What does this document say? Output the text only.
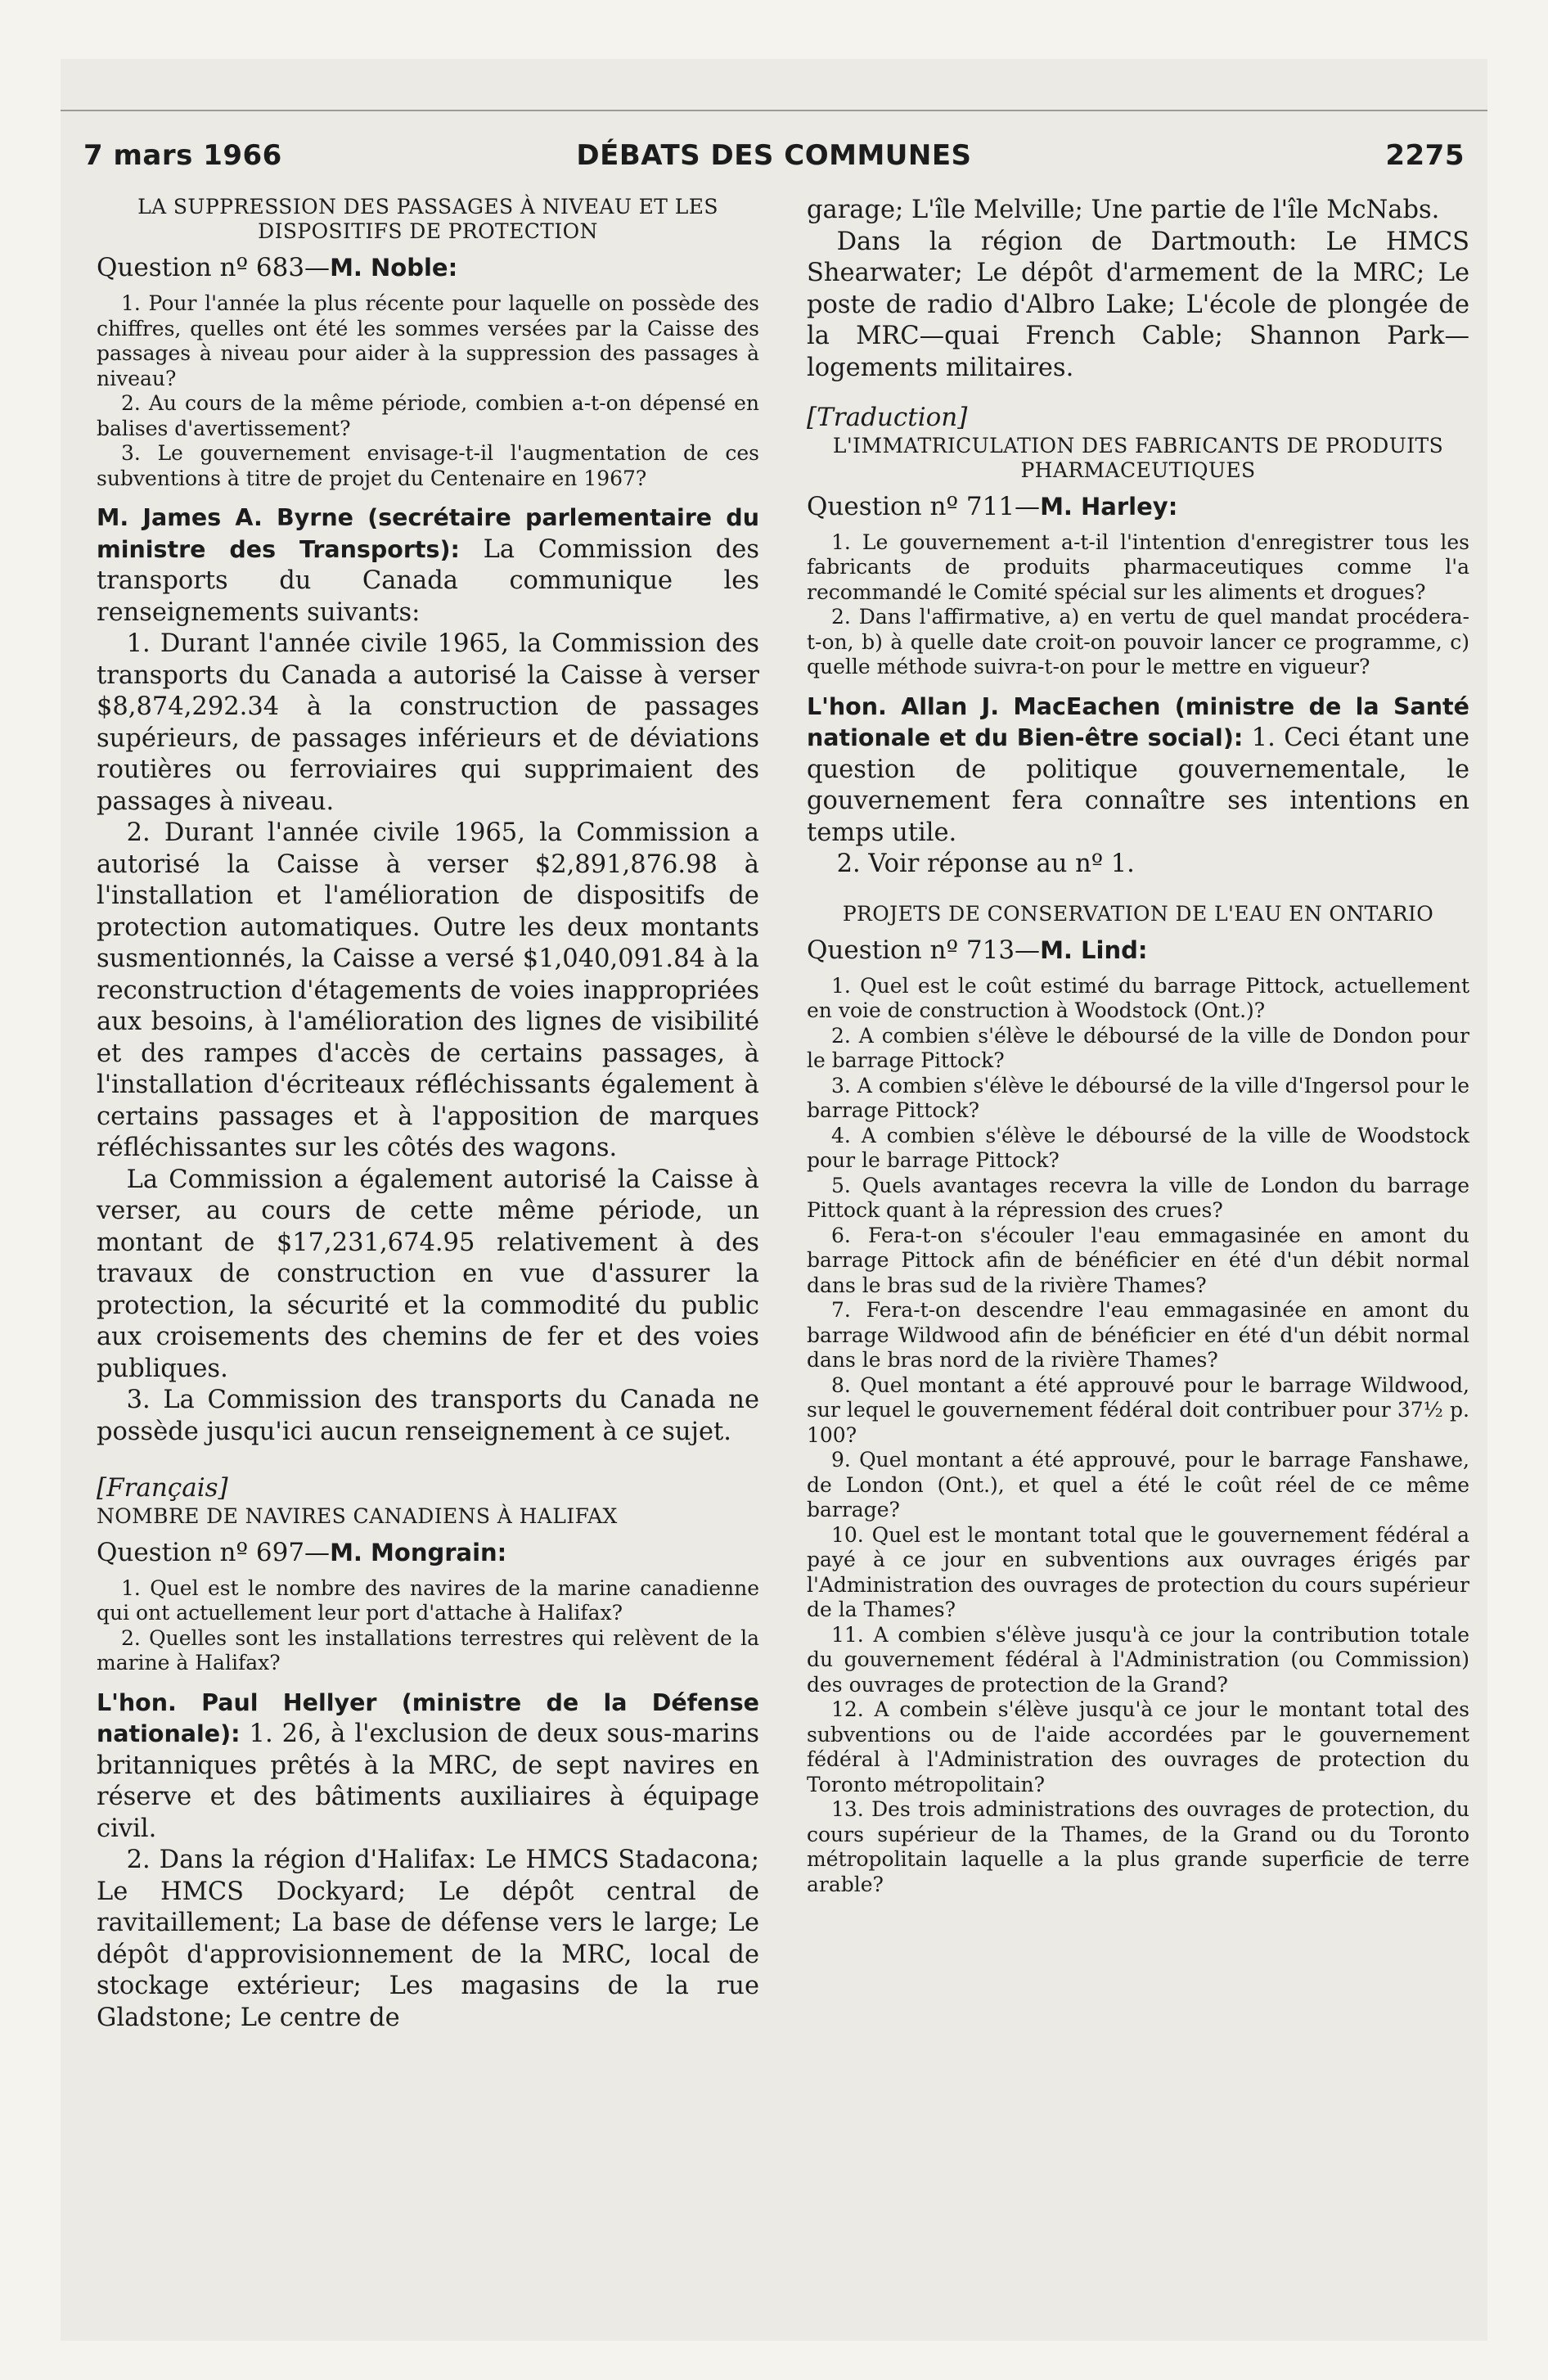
7 mars 1966	DÉBATS DES COMMUNES	2275

LA SUPPRESSION DES PASSAGES À NIVEAU ET LES DISPOSITIFS DE PROTECTION

Question nº 683—M. Noble:

1. Pour l'année la plus récente pour laquelle on possède des chiffres, quelles ont été les sommes versées par la Caisse des passages à niveau pour aider à la suppression des passages à niveau?

2. Au cours de la même période, combien a-t-on dépensé en balises d'avertissement?

3. Le gouvernement envisage-t-il l'augmentation de ces subventions à titre de projet du Centenaire en 1967?

M. James A. Byrne (secrétaire parlementaire du ministre des Transports): La Commission des transports du Canada communique les renseignements suivants:

1. Durant l'année civile 1965, la Commission des transports du Canada a autorisé la Caisse à verser $8,874,292.34 à la construction de passages supérieurs, de passages inférieurs et de déviations routières ou ferroviaires qui supprimaient des passages à niveau.

2. Durant l'année civile 1965, la Commission a autorisé la Caisse à verser $2,891,876.98 à l'installation et l'amélioration de dispositifs de protection automatiques. Outre les deux montants susmentionnés, la Caisse a versé $1,040,091.84 à la reconstruction d'étagements de voies inappropriées aux besoins, à l'amélioration des lignes de visibilité et des rampes d'accès de certains passages, à l'installation d'écriteaux réfléchissants également à certains passages et à l'apposition de marques réfléchissantes sur les côtés des wagons.

La Commission a également autorisé la Caisse à verser, au cours de cette même période, un montant de $17,231,674.95 relativement à des travaux de construction en vue d'assurer la protection, la sécurité et la commodité du public aux croisements des chemins de fer et des voies publiques.

3. La Commission des transports du Canada ne possède jusqu'ici aucun renseignement à ce sujet.

[Français]

NOMBRE DE NAVIRES CANADIENS À HALIFAX

Question nº 697—M. Mongrain:

1. Quel est le nombre des navires de la marine canadienne qui ont actuellement leur port d'attache à Halifax?

2. Quelles sont les installations terrestres qui relèvent de la marine à Halifax?

L'hon. Paul Hellyer (ministre de la Défense nationale): 1. 26, à l'exclusion de deux sous-marins britanniques prêtés à la MRC, de sept navires en réserve et des bâtiments auxiliaires à équipage civil.

2. Dans la région d'Halifax: Le HMCS Stadacona; Le HMCS Dockyard; Le dépôt central de ravitaillement; La base de défense vers le large; Le dépôt d'approvisionnement de la MRC, local de stockage extérieur; Les magasins de la rue Gladstone; Le centre de

garage; L'île Melville; Une partie de l'île McNabs.

Dans la région de Dartmouth: Le HMCS Shearwater; Le dépôt d'armement de la MRC; Le poste de radio d'Albro Lake; L'école de plongée de la MRC—quai French Cable; Shannon Park—logements militaires.

[Traduction]

L'IMMATRICULATION DES FABRICANTS DE PRODUITS PHARMACEUTIQUES

Question nº 711—M. Harley:

1. Le gouvernement a-t-il l'intention d'enregistrer tous les fabricants de produits pharmaceutiques comme l'a recommandé le Comité spécial sur les aliments et drogues?

2. Dans l'affirmative, a) en vertu de quel mandat procédera-t-on, b) à quelle date croit-on pouvoir lancer ce programme, c) quelle méthode suivra-t-on pour le mettre en vigueur?

L'hon. Allan J. MacEachen (ministre de la Santé nationale et du Bien-être social): 1. Ceci étant une question de politique gouvernementale, le gouvernement fera connaître ses intentions en temps utile.

2. Voir réponse au nº 1.

PROJETS DE CONSERVATION DE L'EAU EN ONTARIO

Question nº 713—M. Lind:

1. Quel est le coût estimé du barrage Pittock, actuellement en voie de construction à Woodstock (Ont.)?

2. A combien s'élève le déboursé de la ville de Dondon pour le barrage Pittock?

3. A combien s'élève le déboursé de la ville d'Ingersol pour le barrage Pittock?

4. A combien s'élève le déboursé de la ville de Woodstock pour le barrage Pittock?

5. Quels avantages recevra la ville de London du barrage Pittock quant à la répression des crues?

6. Fera-t-on s'écouler l'eau emmagasinée en amont du barrage Pittock afin de bénéficier en été d'un débit normal dans le bras sud de la rivière Thames?

7. Fera-t-on descendre l'eau emmagasinée en amont du barrage Wildwood afin de bénéficier en été d'un débit normal dans le bras nord de la rivière Thames?

8. Quel montant a été approuvé pour le barrage Wildwood, sur lequel le gouvernement fédéral doit contribuer pour 37½ p. 100?

9. Quel montant a été approuvé, pour le barrage Fanshawe, de London (Ont.), et quel a été le coût réel de ce même barrage?

10. Quel est le montant total que le gouvernement fédéral a payé à ce jour en subventions aux ouvrages érigés par l'Administration des ouvrages de protection du cours supérieur de la Thames?

11. A combien s'élève jusqu'à ce jour la contribution totale du gouvernement fédéral à l'Administration (ou Commission) des ouvrages de protection de la Grand?

12. A combein s'élève jusqu'à ce jour le montant total des subventions ou de l'aide accordées par le gouvernement fédéral à l'Administration des ouvrages de protection du Toronto métropolitain?

13. Des trois administrations des ouvrages de protection, du cours supérieur de la Thames, de la Grand ou du Toronto métropolitain laquelle a la plus grande superficie de terre arable?
